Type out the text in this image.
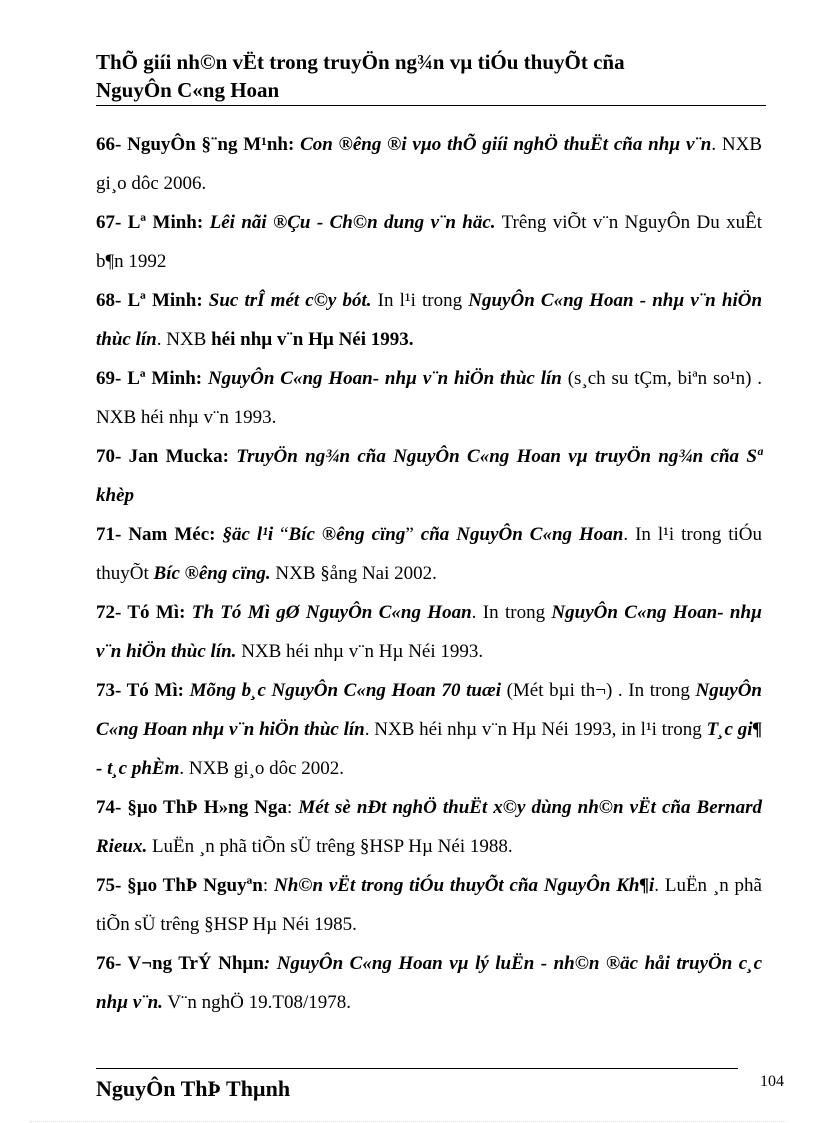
ThÕ giíi nh©n vËt trong truyÖn ng¾n vµ tiÓu thuyÕt cña
NguyÔn C«ng Hoan

66- NguyÔn §¨ng M¹nh: Con ®êng ®i vµo thÕ giíi nghÖ thuËt cña nhµ v¨n. NXB gi¸o dôc 2006.

67- Lª Minh: Lêi nãi ®Çu - Ch©n dung v¨n häc. Trêng viÕt v¨n NguyÔn Du xuÊt b¶n 1992

68- Lª Minh: Suc trÎ mét c©y bót. In l¹i trong NguyÔn C«ng Hoan - nhµ v¨n hiÖn thùc lín. NXB héi nhµ v¨n Hµ Néi 1993.

69- Lª Minh: NguyÔn C«ng Hoan- nhµ v¨n hiÖn thùc lín (s¸ch su tÇm, biªn so¹n) . NXB héi nhµ v¨n 1993.

70- Jan Mucka: TruyÖn ng¾n cña NguyÔn C«ng Hoan vµ truyÖn ng¾n cña Sª khèp

71- Nam Méc: §äc l¹i “Bíc ®êng cïng” cña NguyÔn C«ng Hoan. In l¹i trong tiÓu thuyÕt Bíc ®êng cïng. NXB §ång Nai 2002.

72- Tó Mì: Th Tó Mì gØ NguyÔn C«ng Hoan. In trong NguyÔn C«ng Hoan- nhµ v¨n hiÖn thùc lín. NXB héi nhµ v¨n Hµ Néi 1993.

73- Tó Mì: Mõng b¸c NguyÔn C«ng Hoan 70 tuæi (Mét bµi th¬) . In trong NguyÔn C«ng Hoan nhµ v¨n hiÖn thùc lín. NXB héi nhµ v¨n Hµ Néi 1993, in l¹i trong T¸c gi¶ - t¸c phÈm. NXB gi¸o dôc 2002.

74- §µo ThÞ H»ng Nga: Mét sè nÐt nghÖ thuËt x©y dùng nh©n vËt cña Bernard Rieux. LuËn ¸n phã tiÕn sÜ trêng §HSP Hµ Néi 1988.

75- §µo ThÞ Nguyªn: Nh©n vËt trong tiÓu thuyÕt cña NguyÔn Kh¶i. LuËn ¸n phã tiÕn sÜ trêng §HSP Hµ Néi 1985.

76- V¬ng TrÝ Nhµn: NguyÔn C«ng Hoan vµ lý luËn - nh©n ®äc håi truyÖn c¸c nhµ v¨n. V¨n nghÖ 19.T08/1978.

NguyÔn ThÞ Thµnh	104
